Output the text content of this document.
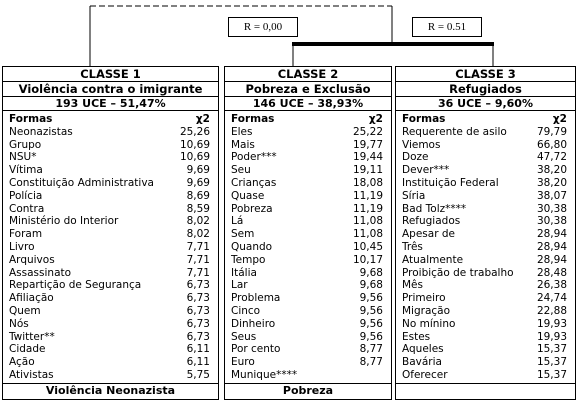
R = 0,00	R = 0.51
CLASSE 1
Violência contra o imigrante
193 UCE – 51,47%
Formas	χ2
Neonazistas	25,26
Grupo	10,69
NSU*	10,69
Vítima	9,69
Constituição Administrativa	9,69
Polícia	8,69
Contra	8,59
Ministério do Interior	8,02
Foram	8,02
Livro	7,71
Arquivos	7,71
Assassinato	7,71
Repartição de Segurança	6,73
Afiliação	6,73
Quem	6,73
Nós	6,73
Twitter**	6,73
Cidade	6,11
Ação	6,11
Ativistas	5,75
Violência Neonazista
CLASSE 2
Pobreza e Exclusão
146 UCE – 38,93%
Formas	χ2
Eles	25,22
Mais	19,77
Poder***	19,44
Seu	19,11
Crianças	18,08
Quase	11,19
Pobreza	11,19
Lá	11,08
Sem	11,08
Quando	10,45
Tempo	10,17
Itália	9,68
Lar	9,68
Problema	9,56
Cinco	9,56
Dinheiro	9,56
Seus	9,56
Por cento	8,77
Euro	8,77
Munique****
Pobreza
CLASSE 3
Refugiados
36 UCE – 9,60%
Formas	χ2
Requerente de asilo	79,79
Viemos	66,80
Doze	47,72
Dever***	38,20
Instituição Federal	38,20
Síria	38,07
Bad Tolz****	30,38
Refugiados	30,38
Apesar de	28,94
Três	28,94
Atualmente	28,94
Proibição de trabalho	28,48
Mês	26,38
Primeiro	24,74
Migração	22,88
No mínino	19,93
Estes	19,93
Aqueles	15,37
Bavária	15,37
Oferecer	15,37
